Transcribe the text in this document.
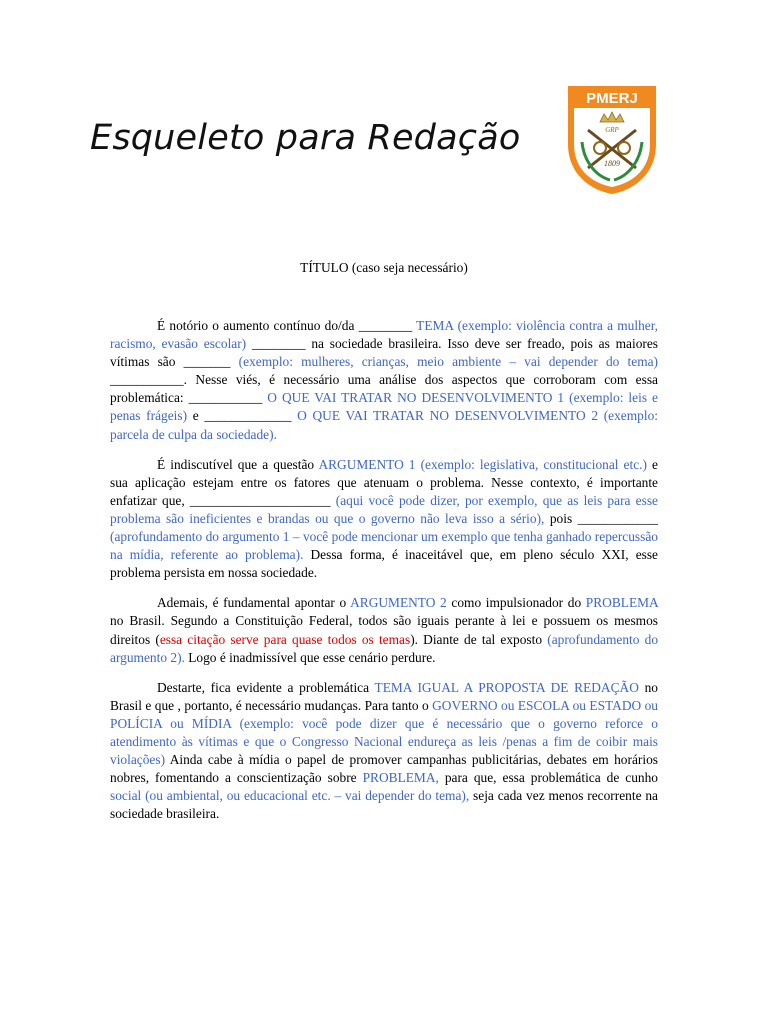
Esqueleto para Redação
PMERJ
GRP
1809
TÍTULO (caso seja necessário)

É notório o aumento contínuo do/da ________ TEMA (exemplo: violência contra a mulher, racismo, evasão escolar) ________ na sociedade brasileira. Isso deve ser freado, pois as maiores vítimas são _______ (exemplo: mulheres, crianças, meio ambiente – vai depender do tema) ___________. Nesse viés, é necessário uma análise dos aspectos que corroboram com essa problemática: ___________ O QUE VAI TRATAR NO DESENVOLVIMENTO 1 (exemplo: leis e penas frágeis) e _____________ O QUE VAI TRATAR NO DESENVOLVIMENTO 2 (exemplo: parcela de culpa da sociedade).

É indiscutível que a questão ARGUMENTO 1 (exemplo: legislativa, constitucional etc.) e sua aplicação estejam entre os fatores que atenuam o problema. Nesse contexto, é importante enfatizar que, _____________________ (aqui você pode dizer, por exemplo, que as leis para esse problema são ineficientes e brandas ou que o governo não leva isso a sério), pois ____________ (aprofundamento do argumento 1 – você pode mencionar um exemplo que tenha ganhado repercussão na mídia, referente ao problema). Dessa forma, é inaceitável que, em pleno século XXI, esse problema persista em nossa sociedade.

Ademais, é fundamental apontar o ARGUMENTO 2 como impulsionador do PROBLEMA no Brasil. Segundo a Constituição Federal, todos são iguais perante à lei e possuem os mesmos direitos (essa citação serve para quase todos os temas). Diante de tal exposto (aprofundamento do argumento 2). Logo é inadmissível que esse cenário perdure.

Destarte, fica evidente a problemática TEMA IGUAL A PROPOSTA DE REDAÇÃO no Brasil e que , portanto, é necessário mudanças. Para tanto o GOVERNO ou ESCOLA ou ESTADO ou POLÍCIA ou MÍDIA (exemplo: você pode dizer que é necessário que o governo reforce o atendimento às vítimas e que o Congresso Nacional endureça as leis /penas a fim de coibir mais violações) Ainda cabe à mídia o papel de promover campanhas publicitárias, debates em horários nobres, fomentando a conscientização sobre PROBLEMA, para que, essa problemática de cunho social (ou ambiental, ou educacional etc. – vai depender do tema), seja cada vez menos recorrente na sociedade brasileira.
